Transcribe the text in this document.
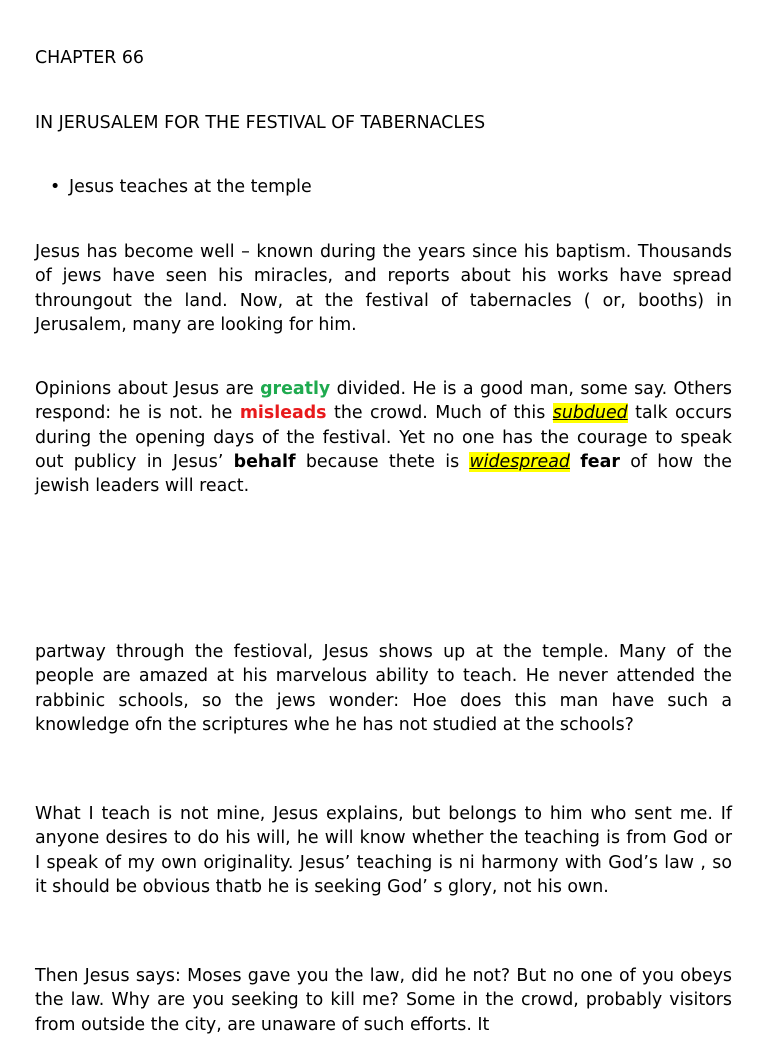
CHAPTER 66
IN JERUSALEM FOR THE FESTIVAL OF TABERNACLES
• Jesus teaches at the temple

Jesus has become well – known during the years since his baptism. Thousands of jews have seen his miracles, and reports about his works have spread throungout the land. Now, at the festival of tabernacles ( or, booths) in Jerusalem, many are looking for him.

Opinions about Jesus are greatly divided. He is a good man, some say. Others respond: he is not. he misleads the crowd. Much of this subdued talk occurs during the opening days of the festival. Yet no one has the courage to speak out publicy in Jesus’ behalf because thete is widespread fear of how the jewish leaders will react.

partway through the festioval, Jesus shows up at the temple. Many of the people are amazed at his marvelous ability to teach. He never attended the rabbinic schools, so the jews wonder: Hoe does this man have such a knowledge ofn the scriptures whe he has not studied at the schools?

What I teach is not mine, Jesus explains, but belongs to him who sent me. If anyone desires to do his will, he will know whether the teaching is from God or I speak of my own originality. Jesus’ teaching is ni harmony with God’s law , so it should be obvious thatb he is seeking God’ s glory, not his own.

Then Jesus says: Moses gave you the law, did he not? But no one of you obeys the law. Why are you seeking to kill me? Some in the crowd, probably visitors from outside the city, are unaware of such efforts. It
